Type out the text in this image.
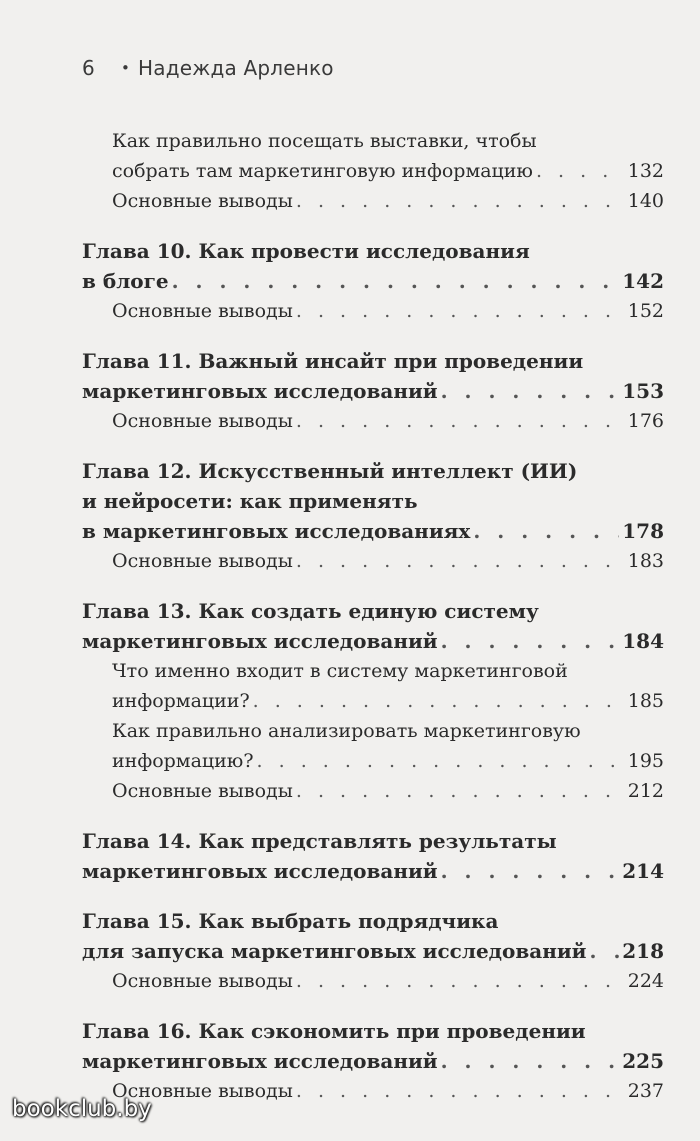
6 • Надежда Арленко
Как правильно посещать выставки, чтобы
собрать там маркетинговую информацию . . .	132
Основные выводы . . .	140
Глава 10. Как провести исследования
в блоге . . .	142
Основные выводы . . .	152
Глава 11. Важный инсайт при проведении
маркетинговых исследований . . .	153
Основные выводы . . .	176
Глава 12. Искусственный интеллект (ИИ)
и нейросети: как применять
в маркетинговых исследованиях . . .	178
Основные выводы . . .	183
Глава 13. Как создать единую систему
маркетинговых исследований . . .	184
Что именно входит в систему маркетинговой
информации? . . .	185
Как правильно анализировать маркетинговую
информацию? . . .	195
Основные выводы . . .	212
Глава 14. Как представлять результаты
маркетинговых исследований . . .	214
Глава 15. Как выбрать подрядчика
для запуска маркетинговых исследований . . . 218
Основные выводы . . .	224
Глава 16. Как сэкономить при проведении
маркетинговых исследований . . .	225
Основные выводы . . .	237
bookclub.by
